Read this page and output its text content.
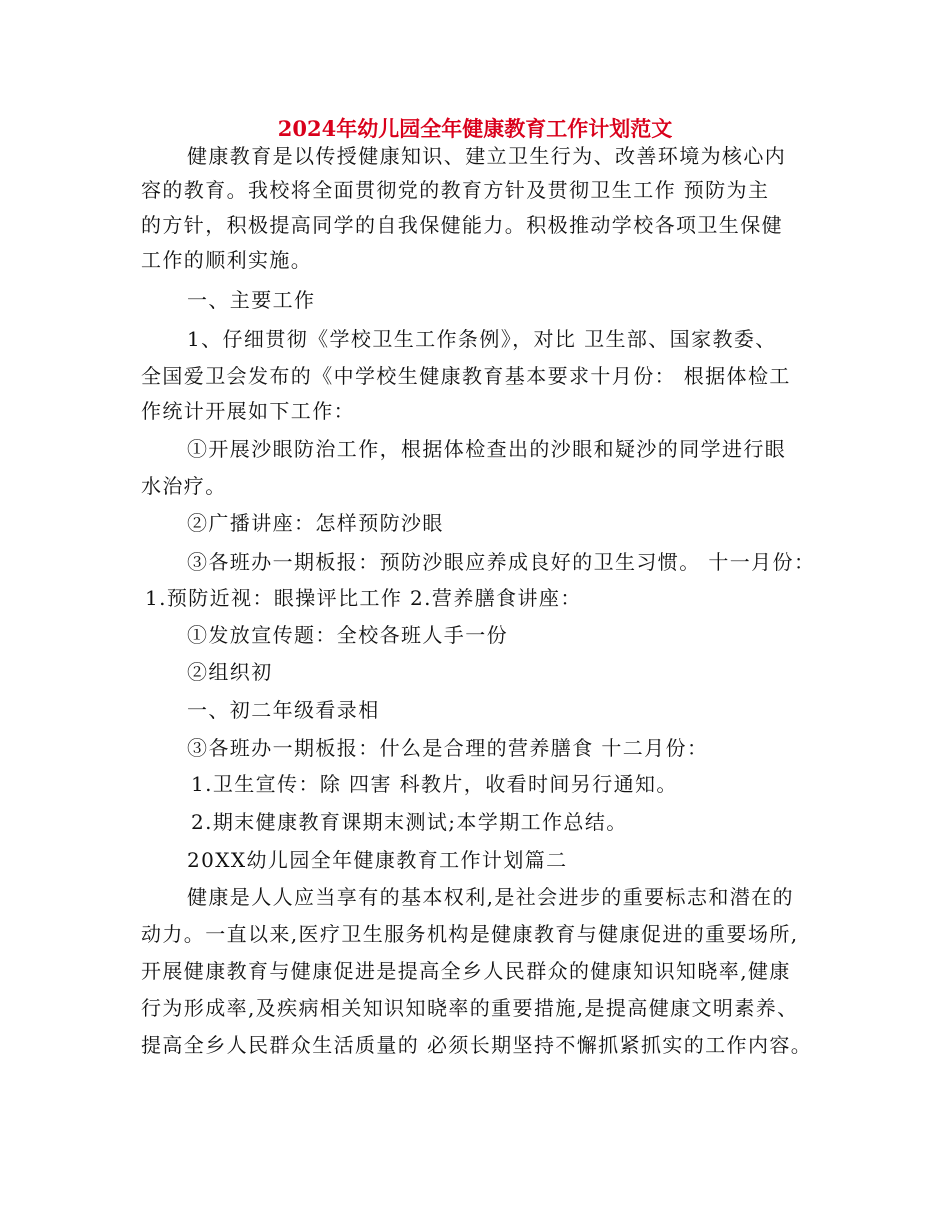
2024年幼儿园全年健康教育工作计划范文
健康教育是以传授健康知识、建立卫生行为、改善环境为核心内
容的教育。我校将全面贯彻党的教育方针及贯彻卫生工作 预防为主
的方针，积极提高同学的自我保健能力。积极推动学校各项卫生保健
工作的顺利实施。
一、主要工作
1、仔细贯彻《学校卫生工作条例》，对比 卫生部、国家教委、
全国爱卫会发布的《中学校生健康教育基本要求十月份： 根据体检工
作统计开展如下工作：
①开展沙眼防治工作，根据体检查出的沙眼和疑沙的同学进行眼
水治疗。
②广播讲座：怎样预防沙眼
③各班办一期板报：预防沙眼应养成良好的卫生习惯。 十一月份：
1.预防近视：眼操评比工作 2.营养膳食讲座：
①发放宣传题：全校各班人手一份
②组织初
一、初二年级看录相
③各班办一期板报：什么是合理的营养膳食 十二月份：
1.卫生宣传：除 四害 科教片，收看时间另行通知。
2.期末健康教育课期末测试;本学期工作总结。
20XX幼儿园全年健康教育工作计划篇二
健康是人人应当享有的基本权利,是社会进步的重要标志和潜在的
动力。一直以来,医疗卫生服务机构是健康教育与健康促进的重要场所,
开展健康教育与健康促进是提高全乡人民群众的健康知识知晓率,健康
行为形成率,及疾病相关知识知晓率的重要措施,是提高健康文明素养、
提高全乡人民群众生活质量的 必须长期坚持不懈抓紧抓实的工作内容。
